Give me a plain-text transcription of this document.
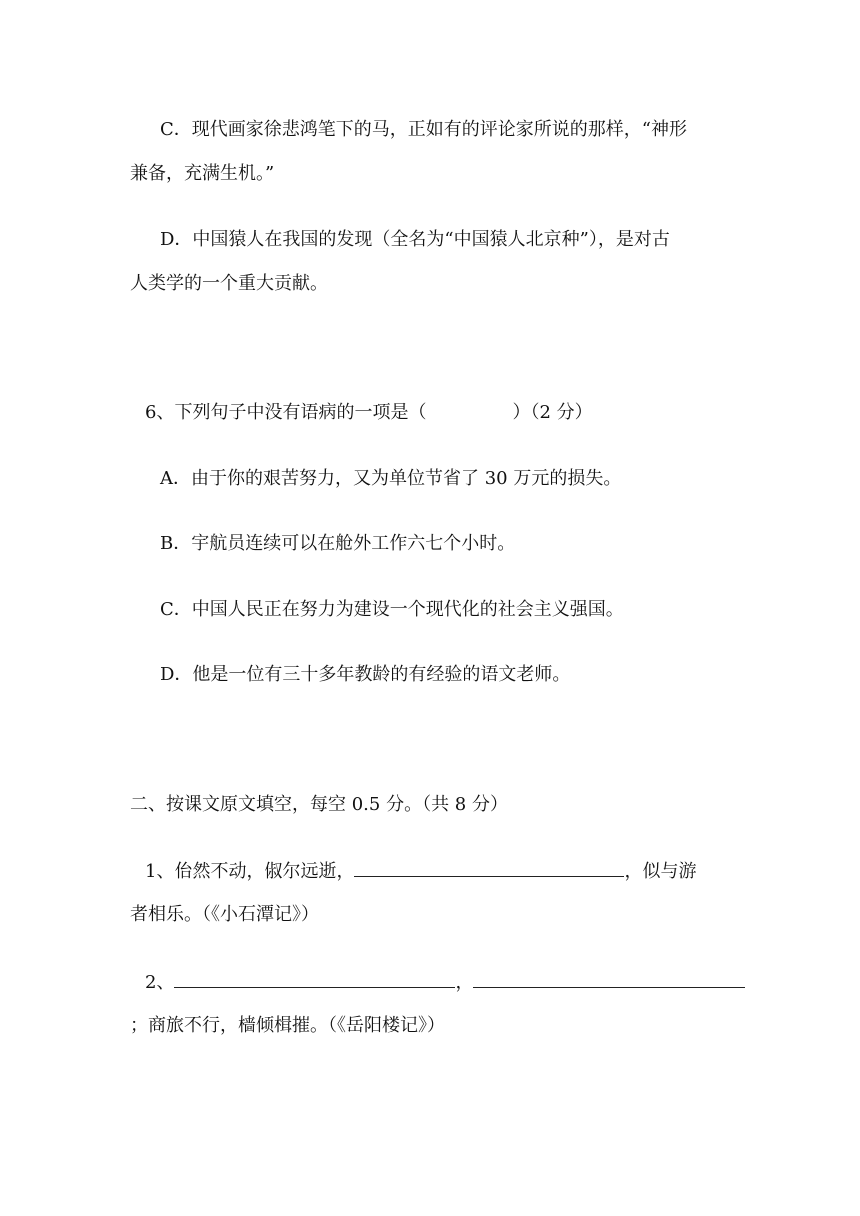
C．现代画家徐悲鸿笔下的马，正如有的评论家所说的那样，“神形
兼备，充满生机。”
D．中国猿人在我国的发现（全名为“中国猿人北京种”），是对古
人类学的一个重大贡献。
6、下列句子中没有语病的一项是（	）（2 分）
A．由于你的艰苦努力，又为单位节省了 30 万元的损失。
B．宇航员连续可以在舱外工作六七个小时。
C．中国人民正在努力为建设一个现代化的社会主义强国。
D．他是一位有三十多年教龄的有经验的语文老师。
二、按课文原文填空，每空 0.5 分。（共 8 分）
1、佁然不动，俶尔远逝，	，似与游
者相乐。（《小石潭记》）
2、	，
；商旅不行，樯倾楫摧。（《岳阳楼记》）
